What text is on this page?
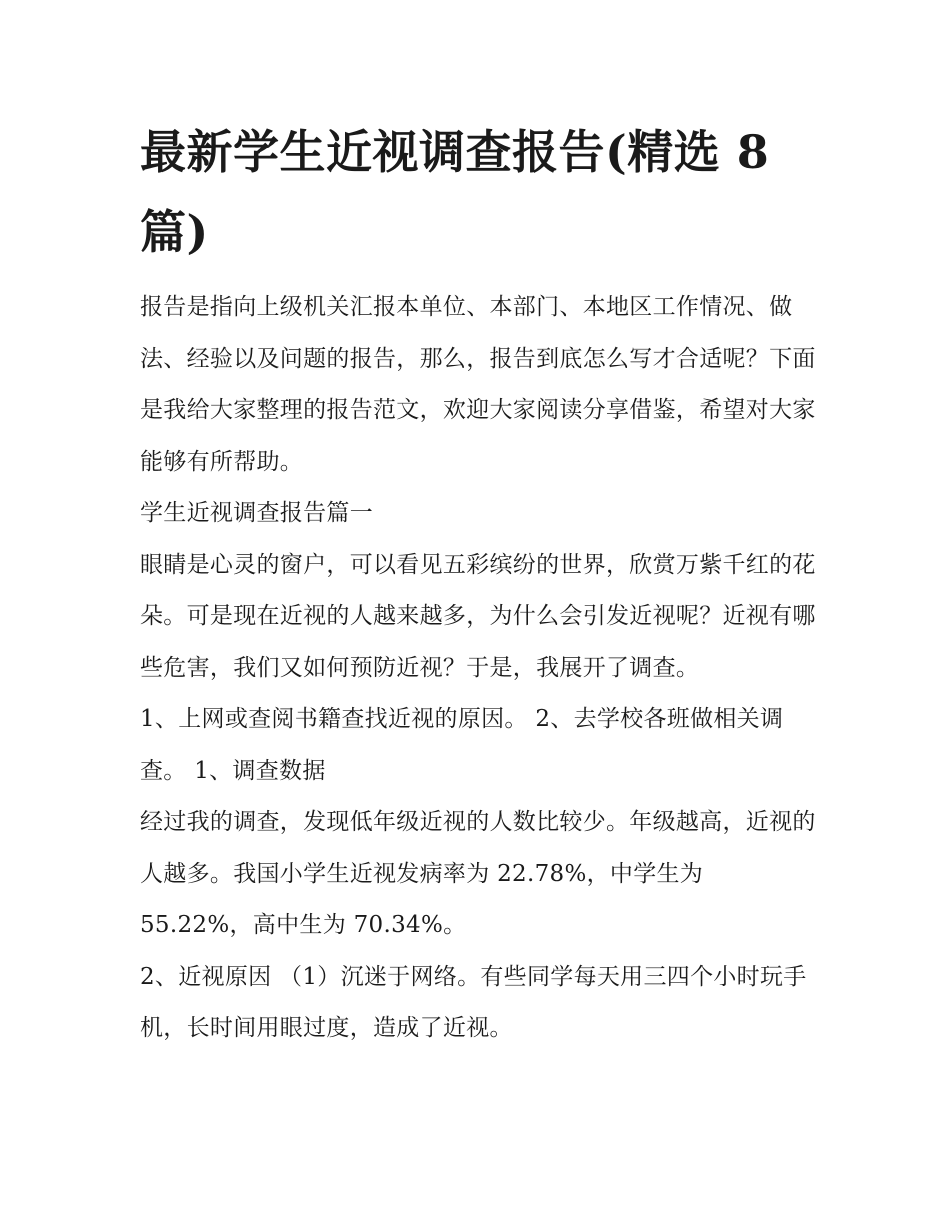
最新学生近视调查报告(精选 8 篇)

报告是指向上级机关汇报本单位、本部门、本地区工作情况、做法、经验以及问题的报告，那么，报告到底怎么写才合适呢？下面是我给大家整理的报告范文，欢迎大家阅读分享借鉴，希望对大家能够有所帮助。

学生近视调查报告篇一

眼睛是心灵的窗户，可以看见五彩缤纷的世界，欣赏万紫千红的花朵。可是现在近视的人越来越多，为什么会引发近视呢？近视有哪些危害，我们又如何预防近视？于是，我展开了调查。

1、上网或查阅书籍查找近视的原因。 2、去学校各班做相关调查。 1、调查数据

经过我的调查，发现低年级近视的人数比较少。年级越高，近视的人越多。我国小学生近视发病率为 22.78%，中学生为 55.22%，高中生为 70.34%。

2、近视原因 （1）沉迷于网络。有些同学每天用三四个小时玩手机，长时间用眼过度，造成了近视。
